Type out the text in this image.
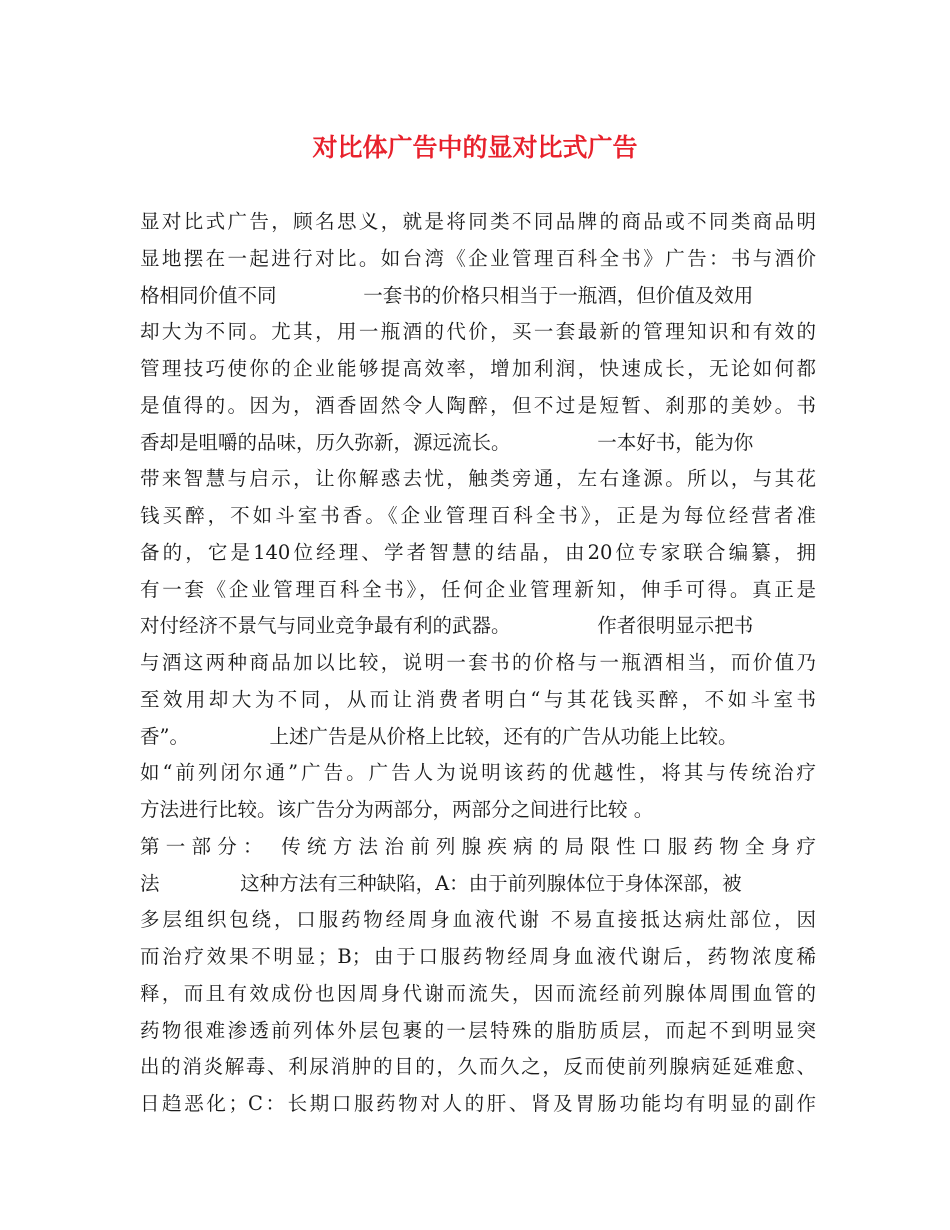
对比体广告中的显对比式广告
显对比式广告，顾名思义，就是将同类不同品牌的商品或不同类商品明
显地摆在一起进行对比。如台湾《企业管理百科全书》广告：书与酒价
格相同价值不同              一套书的价格只相当于一瓶酒，但价值及效用
却大为不同。尤其，用一瓶酒的代价，买一套最新的管理知识和有效的
管理技巧使你的企业能够提高效率，增加利润，快速成长，无论如何都
是值得的。因为，酒香固然令人陶醉，但不过是短暂、刹那的美妙。书
香却是咀嚼的品味，历久弥新，源远流长。              一本好书，能为你
带来智慧与启示，让你解惑去忧，触类旁通，左右逢源。所以，与其花
钱买醉，不如斗室书香。《企业管理百科全书》，正是为每位经营者准
备的，它是140位经理、学者智慧的结晶，由20位专家联合编纂，拥
有一套《企业管理百科全书》，任何企业管理新知，伸手可得。真正是
对付经济不景气与同业竞争最有利的武器。              作者很明显示把书
与酒这两种商品加以比较，说明一套书的价格与一瓶酒相当，而价值乃
至效用却大为不同，从而让消费者明白“与其花钱买醉，不如斗室书
香”。             上述广告是从价格上比较，还有的广告从功能上比较。
如“前列闭尔通”广告。广告人为说明该药的优越性，将其与传统治疗
方法进行比较。该广告分为两部分，两部分之间进行比较 。
第一部分： 传统方法治前列腺疾病的局限性口服药物全身疗
法             这种方法有三种缺陷，A：由于前列腺体位于身体深部，被
多层组织包绕，口服药物经周身血液代谢 不易直接抵达病灶部位，因
而治疗效果不明显；B；由于口服药物经周身血液代谢后，药物浓度稀
释，而且有效成份也因周身代谢而流失，因而流经前列腺体周围血管的
药物很难渗透前列体外层包裹的一层特殊的脂肪质层，而起不到明显突
出的消炎解毒、利尿消肿的目的，久而久之，反而使前列腺病延延难愈、
日趋恶化；C：长期口服药物对人的肝、肾及胃肠功能均有明显的副作
